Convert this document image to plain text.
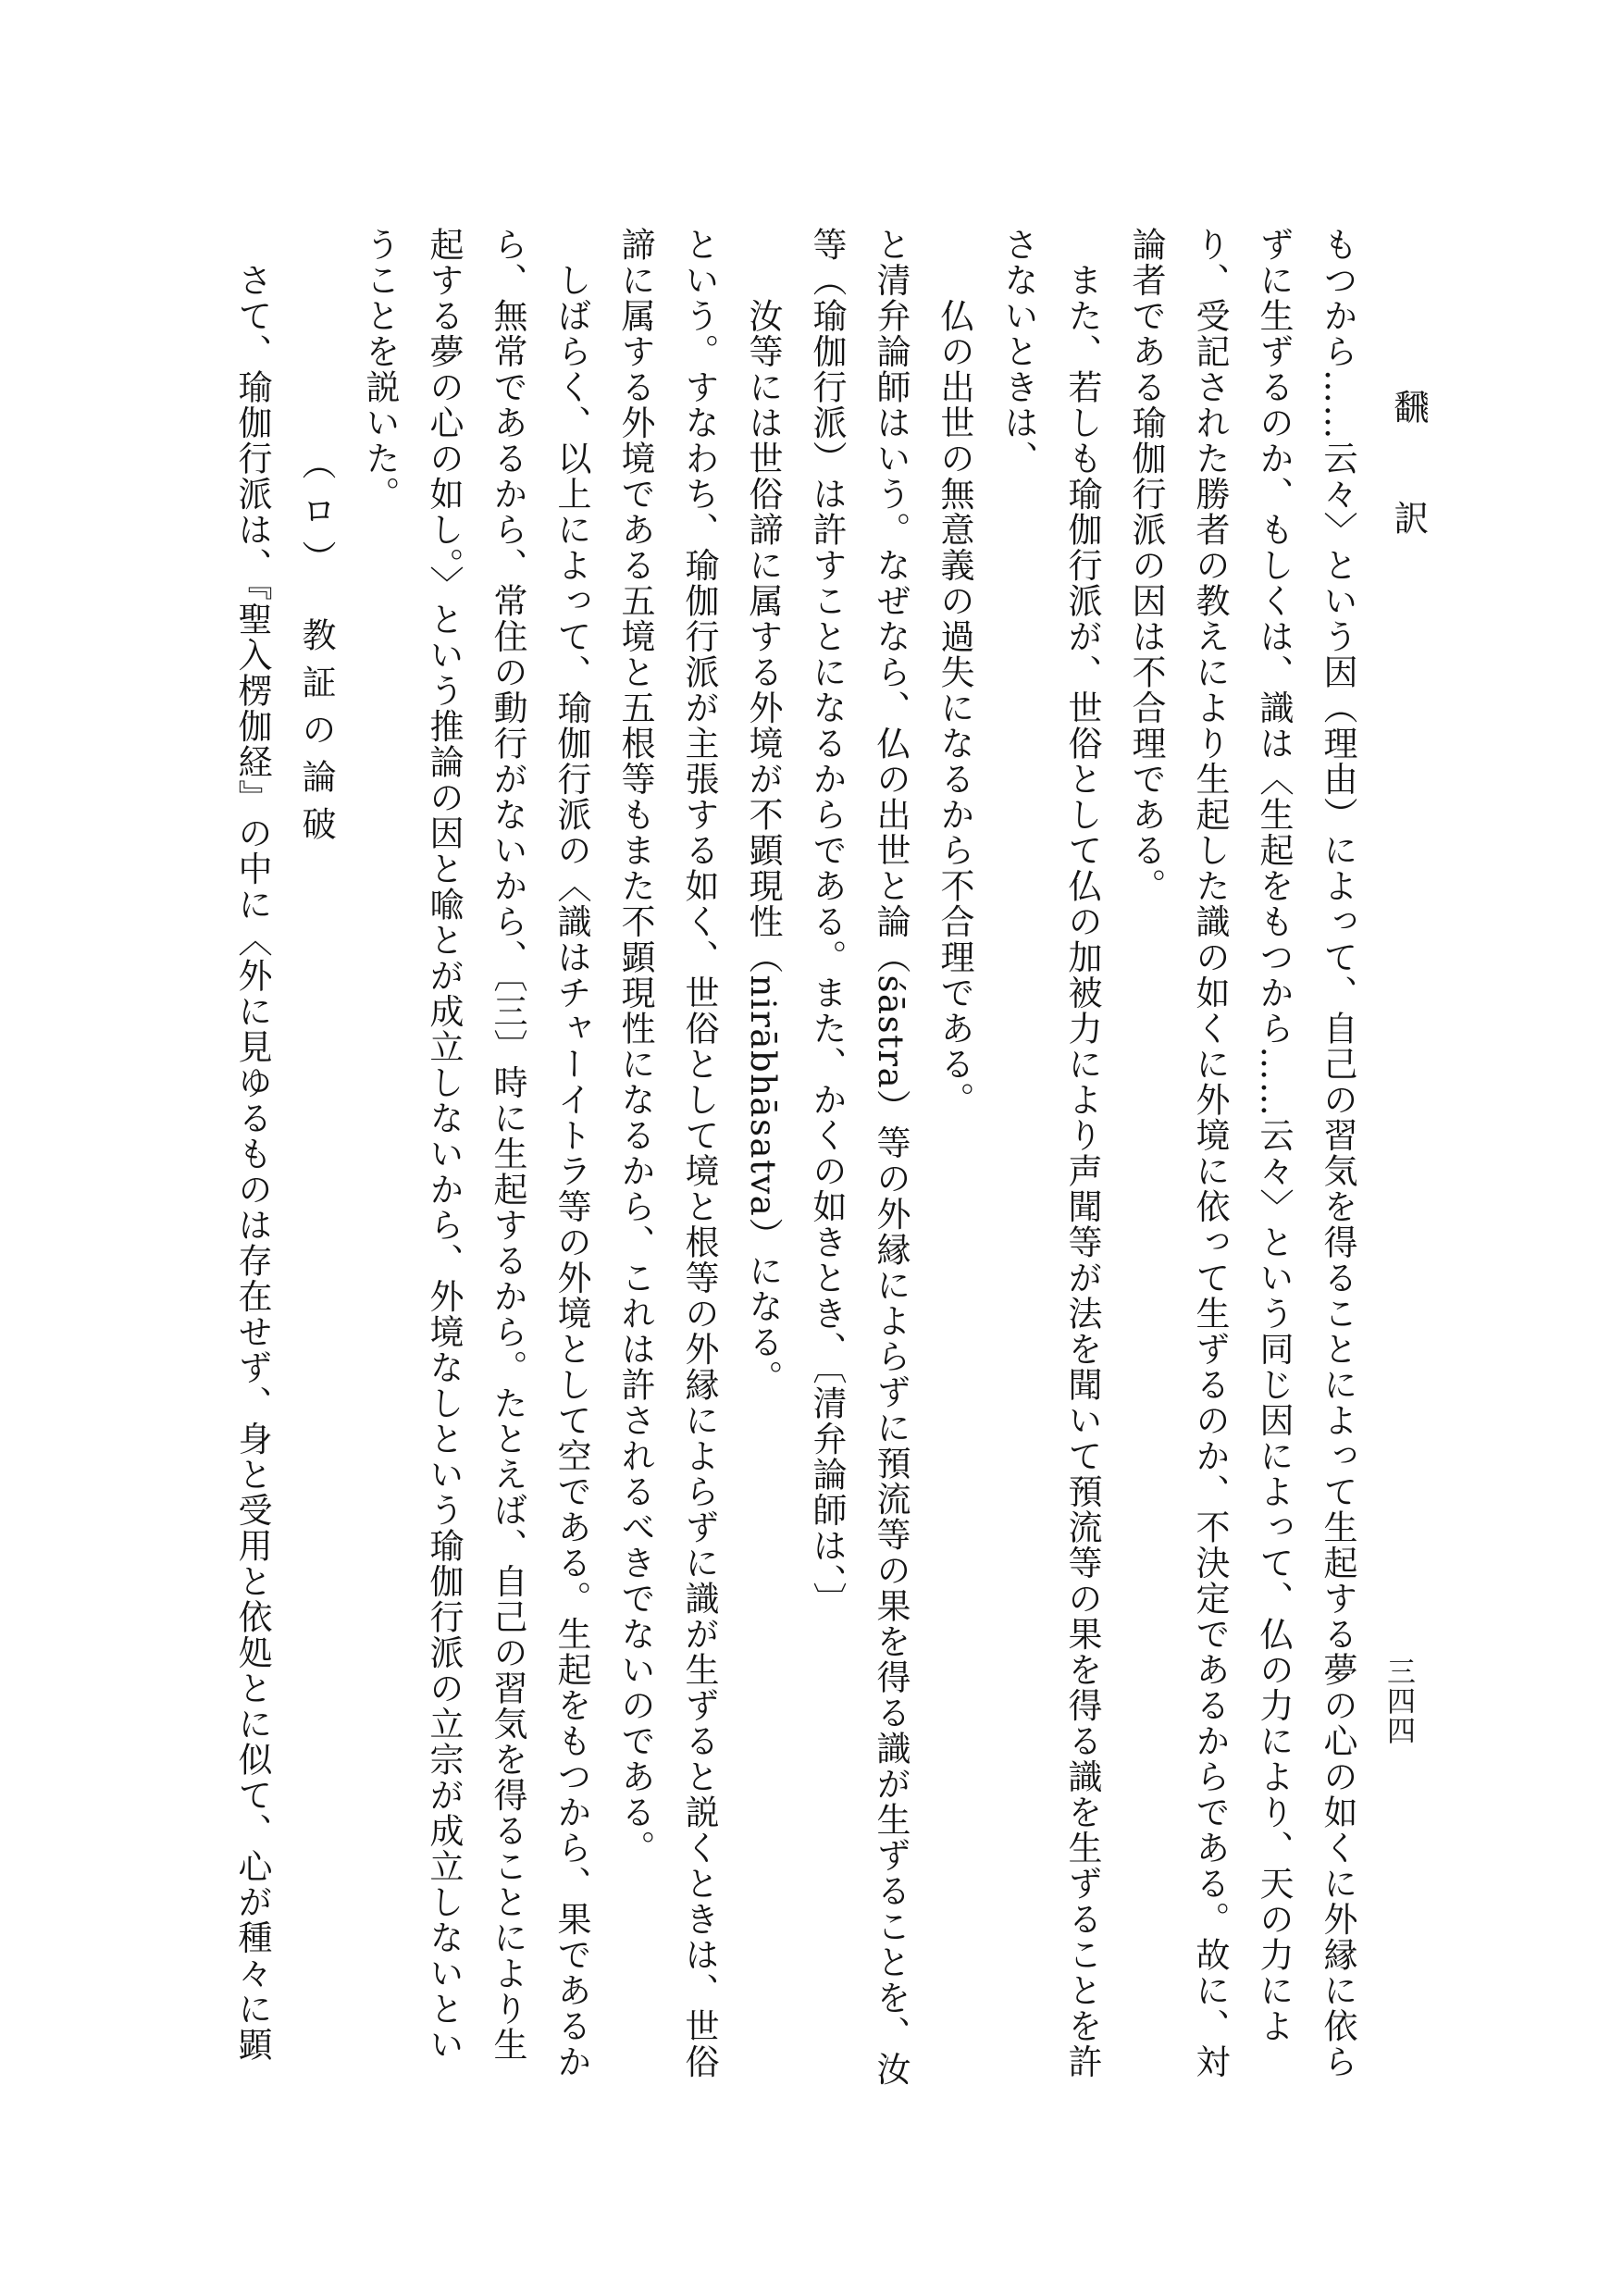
飜　訳
三四四

もつから……云々〉という因（理由）によって、自己の習気を得ることによって生起する夢の心の如くに外縁に依ら

ずに生ずるのか、もしくは、識は〈生起をもつから……云々〉という同じ因によって、仏の力により、天の力によ

り、受記された勝者の教えにより生起した識の如くに外境に依って生ずるのか、不決定であるからである。故に、対

論者である瑜伽行派の因は不合理である。

　また、若しも瑜伽行派が、世俗として仏の加被力により声聞等が法を聞いて預流等の果を得る識を生ずることを許

さないときは、

　　仏の出世の無意義の過失になるから不合理である。

と清弁論師はいう。なぜなら、仏の出世と論（śāstra）等の外縁によらずに預流等の果を得る識が生ずることを、汝

等（瑜伽行派）は許すことになるからである。また、かくの如きとき、〔清弁論師は、〕

　　汝等には世俗諦に属する外境が不顕現性（nirābhāsatva）になる。

という。すなわち、瑜伽行派が主張する如く、世俗として境と根等の外縁によらずに識が生ずると説くときは、世俗

諦に属する外境である五境と五根等もまた不顕現性になるから、これは許されるべきでないのである。

　しばらく、以上によって、瑜伽行派の〈識はチャーイトラ等の外境として空である。生起をもつから、果であるか

ら、無常であるから、常住の動行がないから、〔三〕時に生起するから。たとえば、自己の習気を得ることにより生

起する夢の心の如し。〉という推論の因と喩とが成立しないから、外境なしという瑜伽行派の立宗が成立しないとい

うことを説いた。

　　　　　（ロ）　教証の論破

　さて、瑜伽行派は、『聖入楞伽経』の中に〈外に見ゆるものは存在せず、身と受用と依処とに似て、心が種々に顕
